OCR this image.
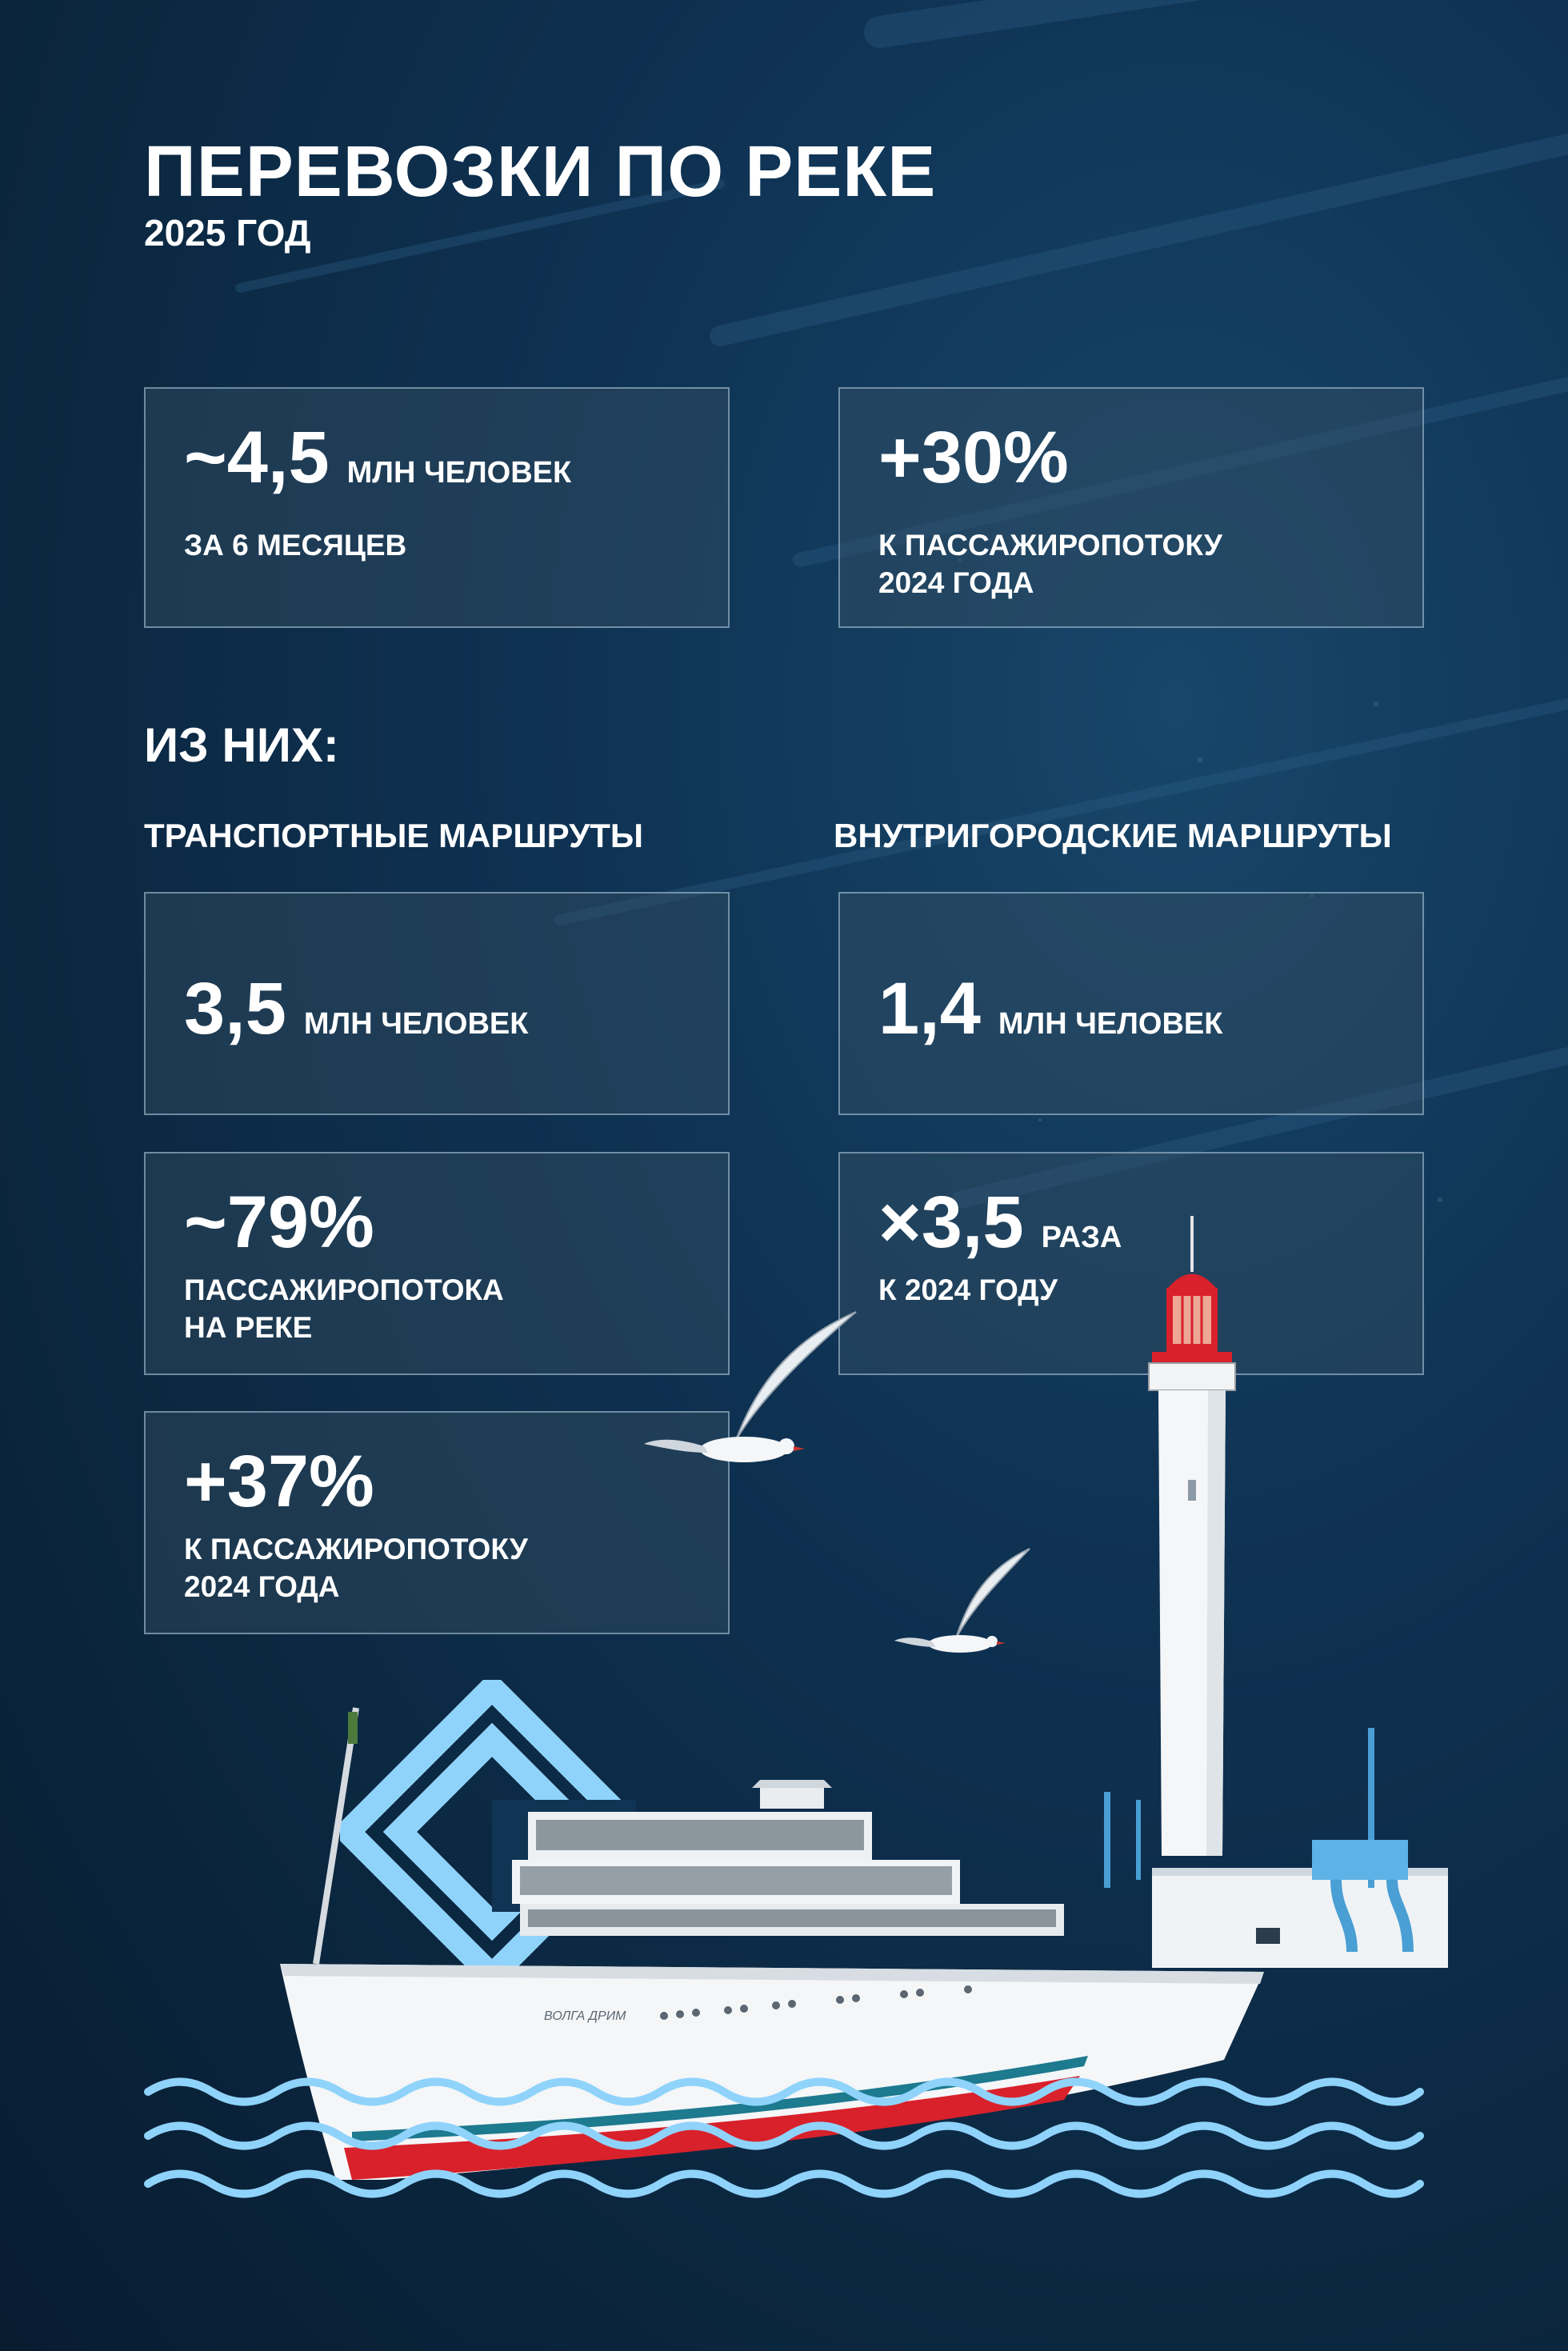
ПЕРЕВОЗКИ ПО РЕКЕ
2025 ГОД
~4,5 МЛН ЧЕЛОВЕК
ЗА 6 МЕСЯЦЕВ
+30%
К ПАССАЖИРОПОТОКУ
2024 ГОДА
ИЗ НИХ:
ТРАНСПОРТНЫЕ МАРШРУТЫ	ВНУТРИГОРОДСКИЕ МАРШРУТЫ
3,5 МЛН ЧЕЛОВЕК	1,4 МЛН ЧЕЛОВЕК
~79%
ПАССАЖИРОПОТОКА
НА РЕКЕ
×3,5 РАЗА
К 2024 ГОДУ
+37%
К ПАССАЖИРОПОТОКУ
2024 ГОДА
ВОЛГА ДРИМ
